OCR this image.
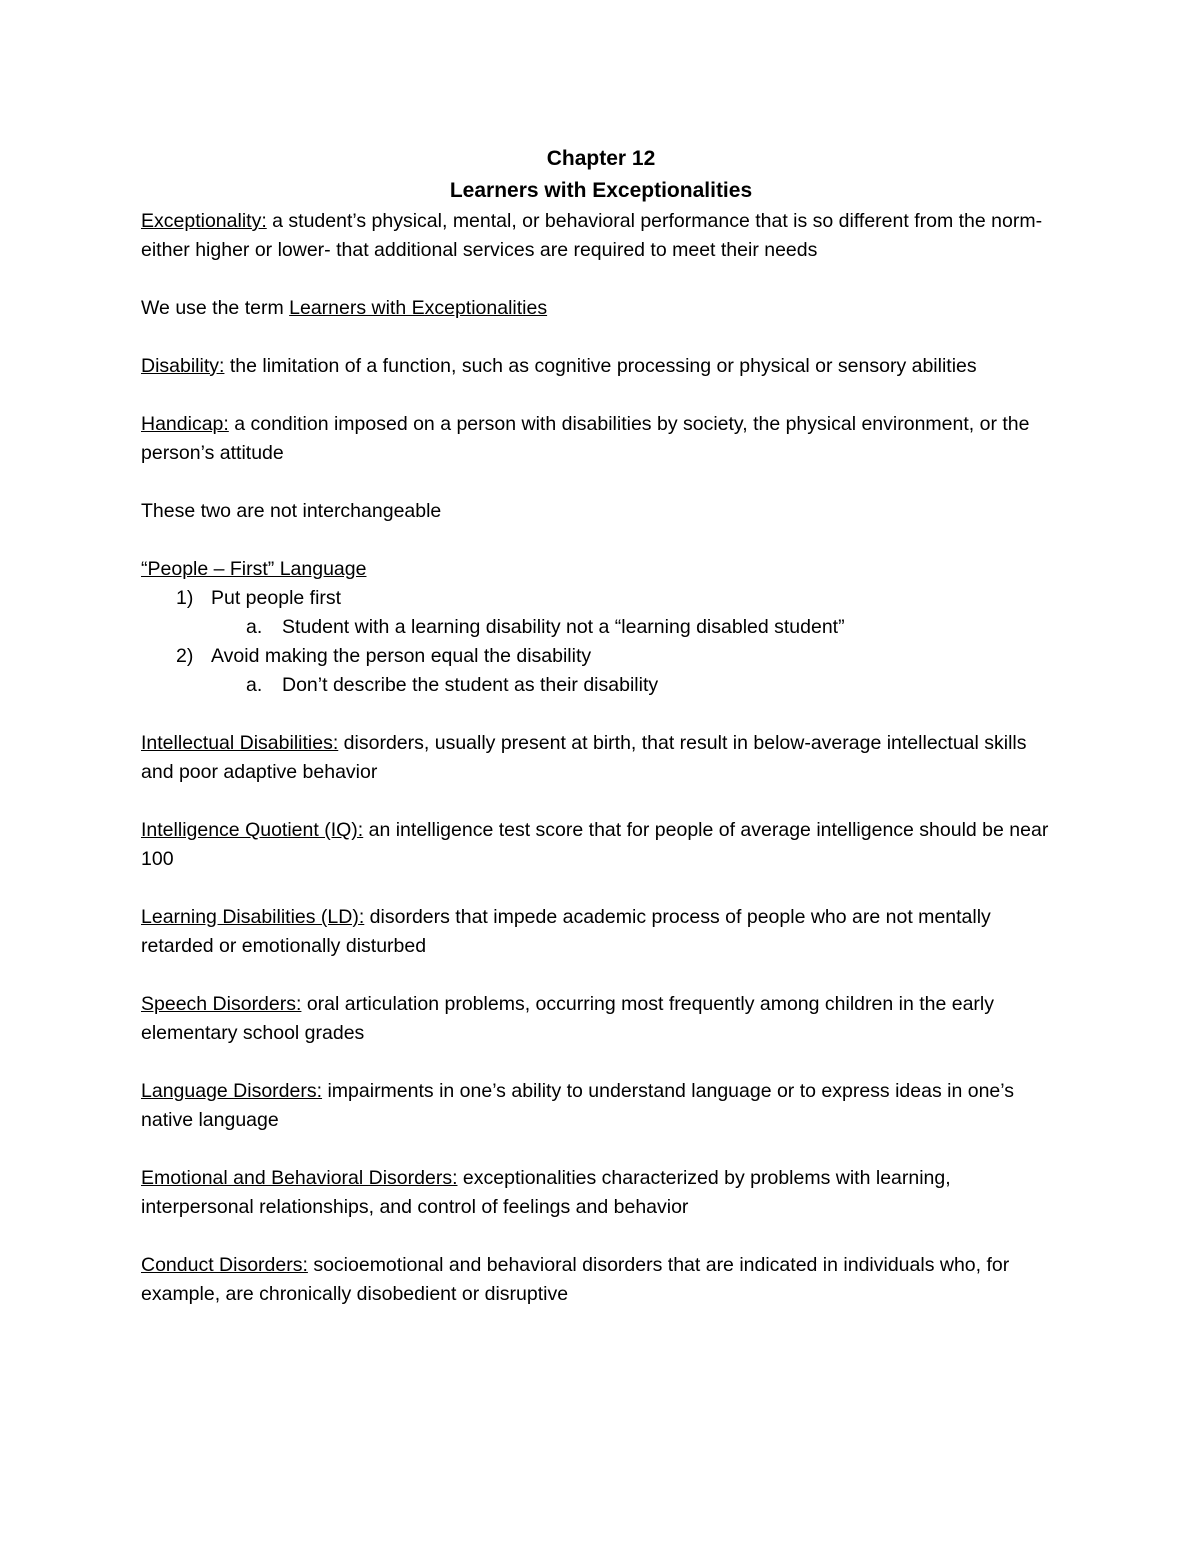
Chapter 12
Learners with Exceptionalities

Exceptionality: a student’s physical, mental, or behavioral performance that is so different from the norm- either higher or lower- that additional services are required to meet their needs

We use the term Learners with Exceptionalities

Disability: the limitation of a function, such as cognitive processing or physical or sensory abilities

Handicap: a condition imposed on a person with disabilities by society, the physical environment, or the person’s attitude

These two are not interchangeable

“People – First” Language
1) Put people first
a. Student with a learning disability not a “learning disabled student”
2) Avoid making the person equal the disability
a. Don’t describe the student as their disability

Intellectual Disabilities: disorders, usually present at birth, that result in below-average intellectual skills and poor adaptive behavior

Intelligence Quotient (IQ): an intelligence test score that for people of average intelligence should be near 100

Learning Disabilities (LD): disorders that impede academic process of people who are not mentally retarded or emotionally disturbed

Speech Disorders: oral articulation problems, occurring most frequently among children in the early elementary school grades

Language Disorders: impairments in one’s ability to understand language or to express ideas in one’s native language

Emotional and Behavioral Disorders: exceptionalities characterized by problems with learning, interpersonal relationships, and control of feelings and behavior

Conduct Disorders: socioemotional and behavioral disorders that are indicated in individuals who, for example, are chronically disobedient or disruptive
